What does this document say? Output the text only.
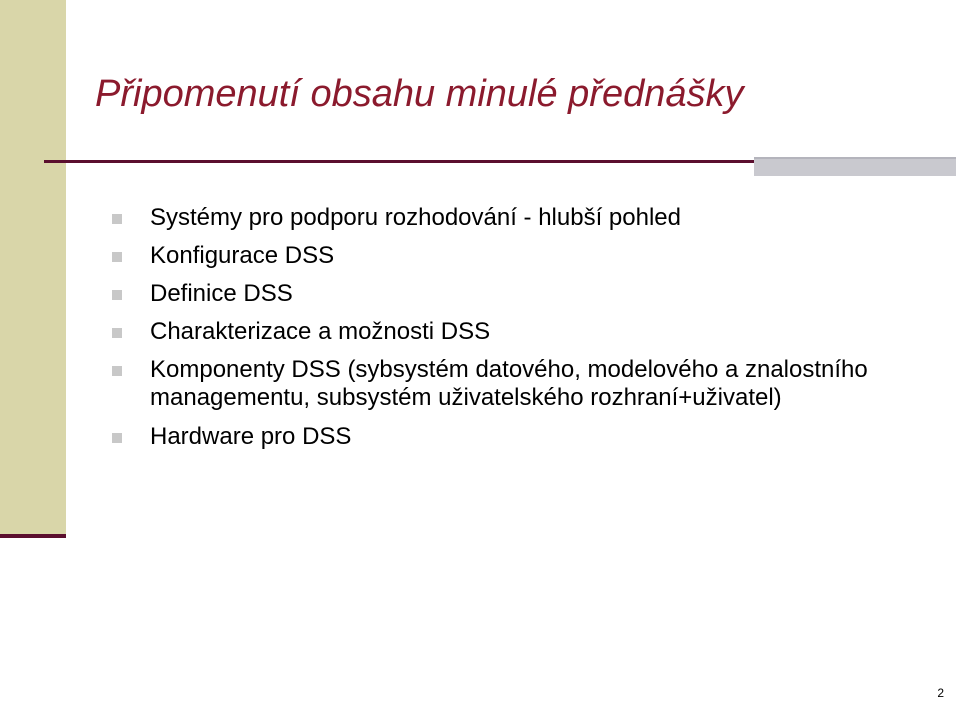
Připomenutí obsahu minulé přednášky
Systémy pro podporu rozhodování - hlubší pohled
Konfigurace DSS
Definice DSS
Charakterizace a možnosti DSS
Komponenty DSS (sybsystém datového, modelového a znalostního managementu, subsystém uživatelského rozhraní+uživatel)
Hardware pro DSS
2
